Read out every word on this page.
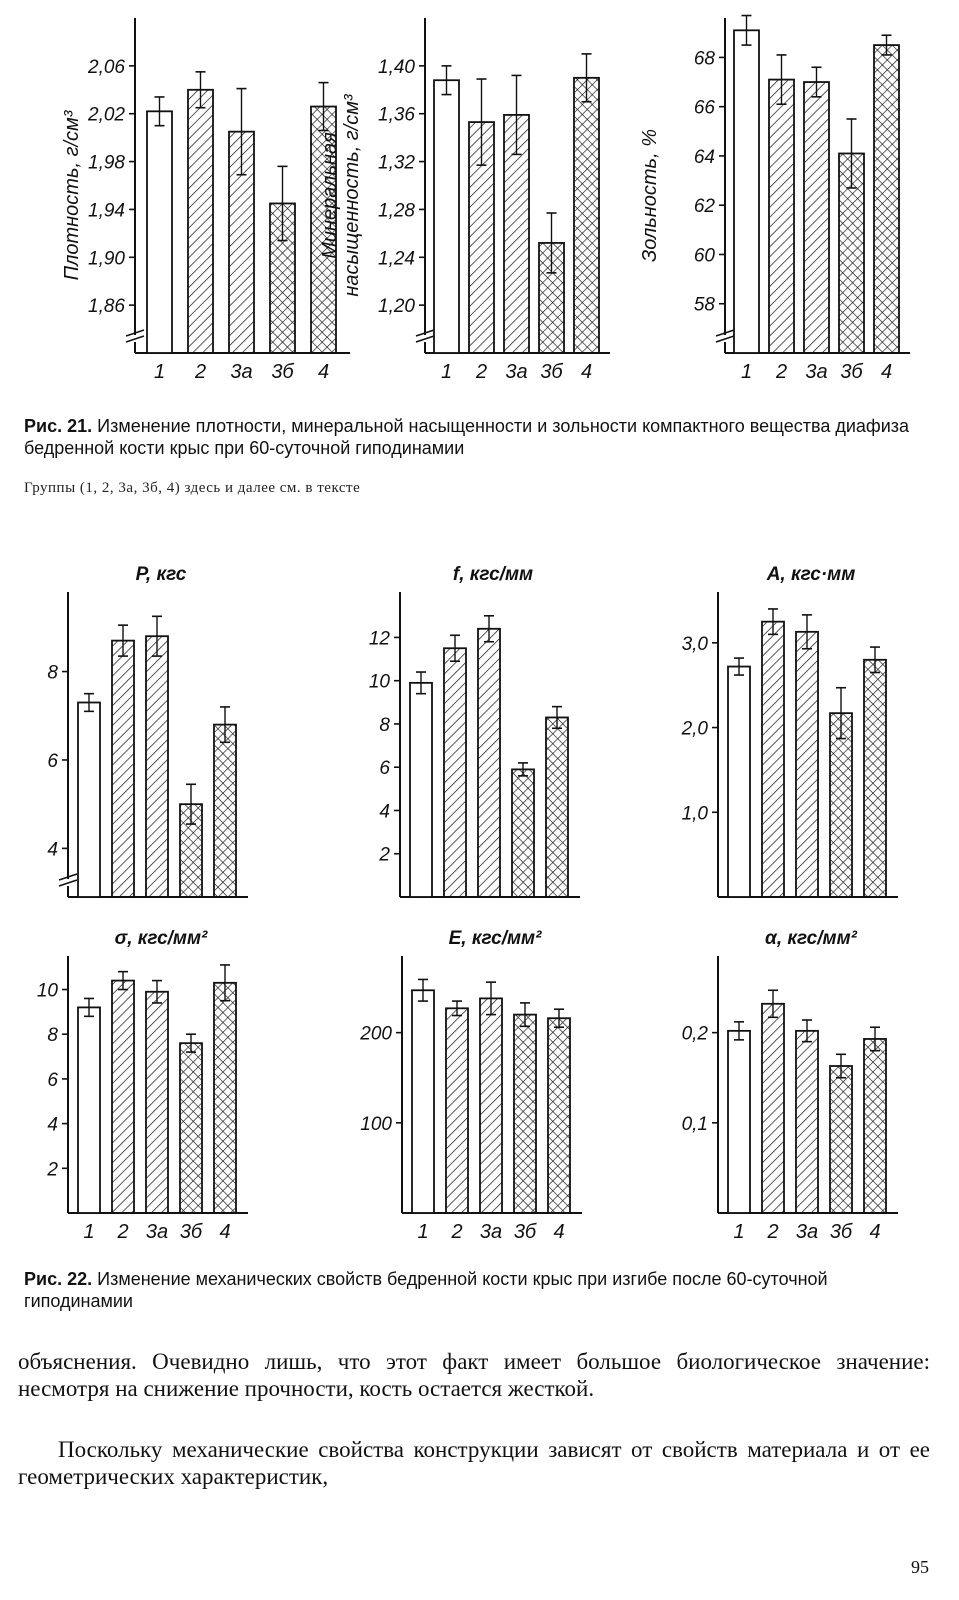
1,86
1,90
1,94
1,98
2,02
2,06
1 2 3а 3б 4
Плотность, г/см³
1,20
1,24
1,28
1,32
1,36
1,40
1 2 3а 3б 4
Минеральная насыщенность, г/см³
58
60
62
64
66
68
1 2 3а 3б 4
Зольность, %
Рис. 21. Изменение плотности, минеральной насыщенности и зольности компактного вещества диафиза бедренной кости крыс при 60-суточной гиподинамии
Группы (1, 2, 3а, 3б, 4) здесь и далее см. в тексте
4
6
8
P, кгс
2
4
6
8
10
12
f, кгс/мм
1,0
2,0
3,0
A, кгс·мм
2
4
6
8
10
1 2 3а 3б 4
σ, кгс/мм²
100
200
1 2 3а 3б 4
E, кгс/мм²
0,1
0,2
1 2 3а 3б 4
α, кгс/мм²
Рис. 22. Изменение механических свойств бедренной кости крыс при изгибе после 60-суточной гиподинамии
объяснения. Очевидно лишь, что этот факт имеет большое биологическое значение: несмотря на снижение прочности, кость остается жесткой.
Поскольку механические свойства конструкции зависят от свойств материала и от ее геометрических характеристик,
95
